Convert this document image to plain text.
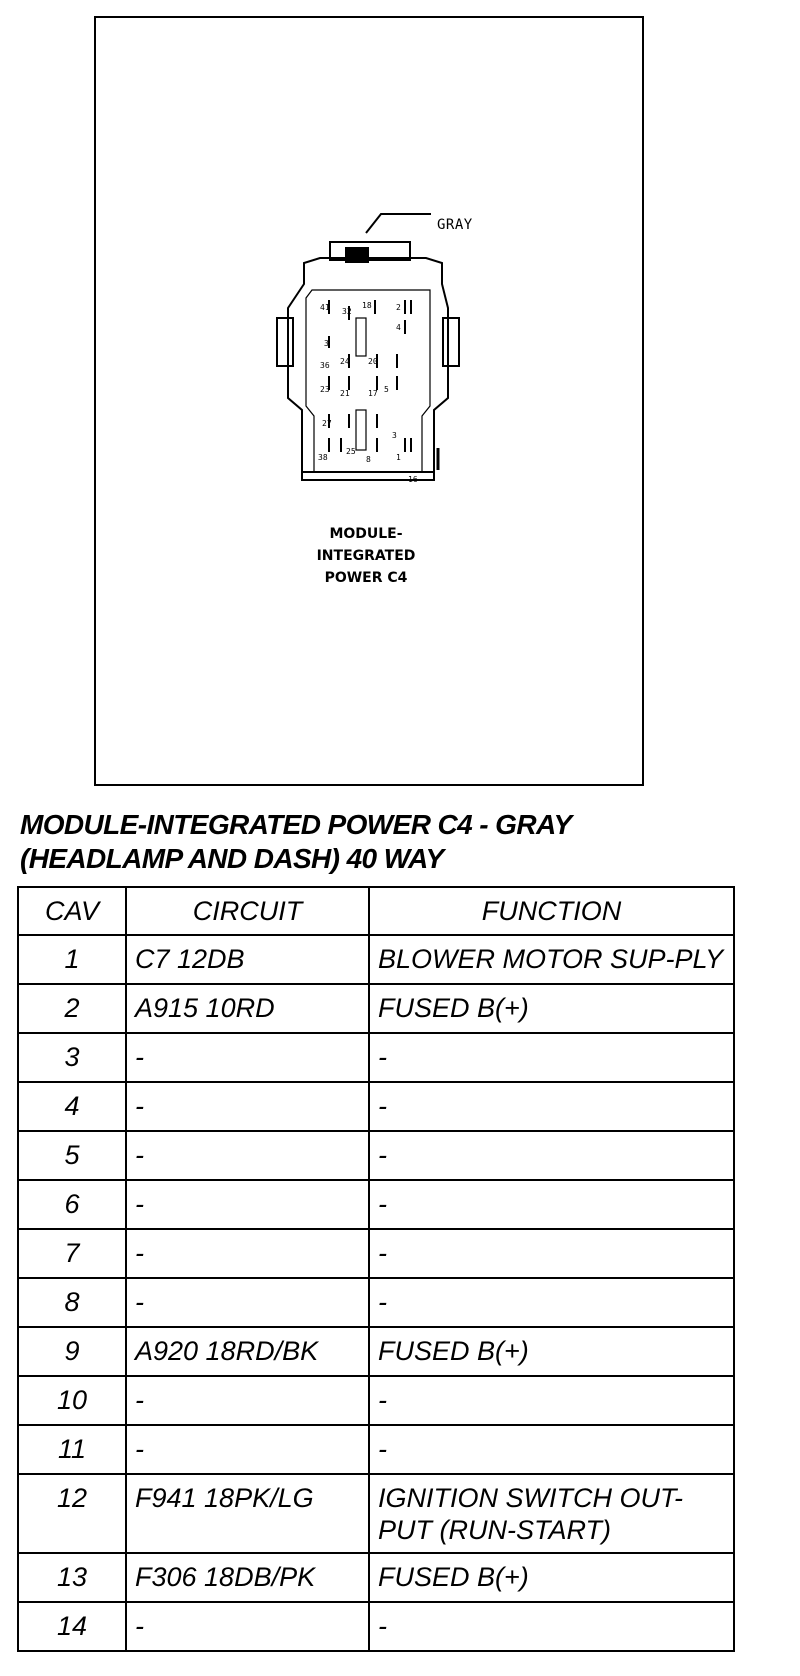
41 32
18	2
4
3
36 24 20
23 21 17 5
27
3
38
25
8	1
16
GRAY
MODULE-
INTEGRATED
POWER C4
MODULE-INTEGRATED POWER C4 - GRAY
(HEADLAMP AND DASH) 40 WAY
CAV	CIRCUIT	FUNCTION
1	C7 12DB	BLOWER MOTOR SUP-PLY
2	A915 10RD	FUSED B(+)
3	-	-
4	-	-
5	-	-
6	-	-
7	-	-
8	-	-
9	A920 18RD/BK	FUSED B(+)
10	-	-
11	-	-
12	F941 18PK/LG	IGNITION SWITCH OUT-PUT (RUN-START)
13	F306 18DB/PK	FUSED B(+)
14	-	-
